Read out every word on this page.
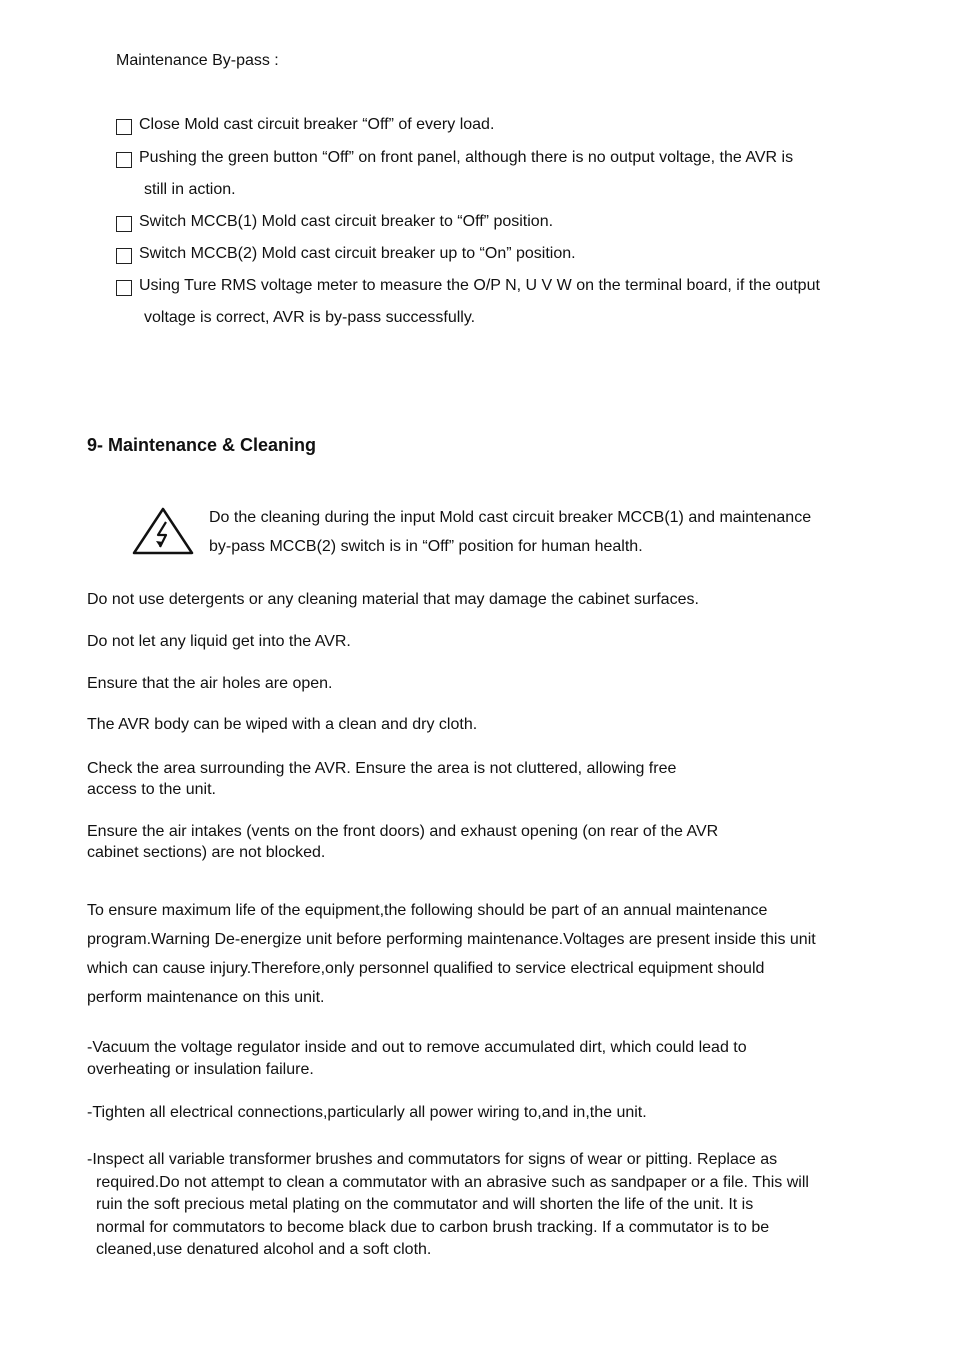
Maintenance By-pass :
Close Mold cast circuit breaker “Off” of every load.
Pushing the green button “Off” on front panel, although there is no output voltage, the AVR is
still in action.
Switch MCCB(1) Mold cast circuit breaker to “Off” position.
Switch MCCB(2) Mold cast circuit breaker up to “On” position.
Using Ture RMS voltage meter to measure the O/P N, U V W on the terminal board, if the output
voltage is correct, AVR is by-pass successfully.
9- Maintenance & Cleaning
Do the cleaning during the input Mold cast circuit breaker MCCB(1) and maintenance
by-pass MCCB(2) switch is in “Off” position for human health.
Do not use detergents or any cleaning material that may damage the cabinet surfaces.
Do not let any liquid get into the AVR.
Ensure that the air holes are open.
The AVR body can be wiped with a clean and dry cloth.
Check the area surrounding the AVR. Ensure the area is not cluttered, allowing free
access to the unit.
Ensure the air intakes (vents on the front doors) and exhaust opening (on rear of the AVR
cabinet sections) are not blocked.
To ensure maximum life of the equipment,the following should be part of an annual maintenance
program.Warning De-energize unit before performing maintenance.Voltages are present inside this unit
which can cause injury.Therefore,only personnel qualified to service electrical equipment should
perform maintenance on this unit.
-Vacuum the voltage regulator inside and out to remove accumulated dirt, which could lead to
overheating or insulation failure.
-Tighten all electrical connections,particularly all power wiring to,and in,the unit.
-Inspect all variable transformer brushes and commutators for signs of wear or pitting. Replace as
required.Do not attempt to clean a commutator with an abrasive such as sandpaper or a file. This will
ruin the soft precious metal plating on the commutator and will shorten the life of the unit. It is
normal for commutators to become black due to carbon brush tracking. If a commutator is to be
cleaned,use denatured alcohol and a soft cloth.
